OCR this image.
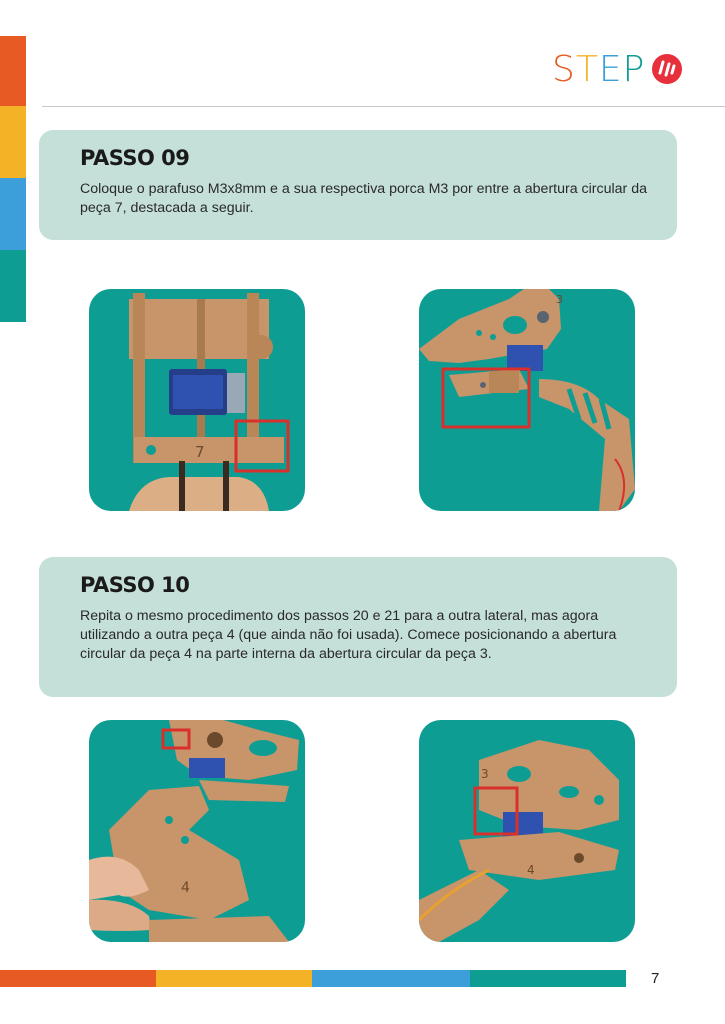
STEP
PASSO 09

Coloque o parafuso M3x8mm e a sua respectiva porca M3 por entre a abertura circular da peça 7, destacada a seguir.

7
3
PASSO 10

Repita o mesmo procedimento dos passos 20 e 21 para a outra lateral, mas agora utilizando a outra peça 4 (que ainda não foi usada). Comece posicionando a abertura circular da peça 4 na parte interna da abertura circular da peça 3.

4
3
4
7
